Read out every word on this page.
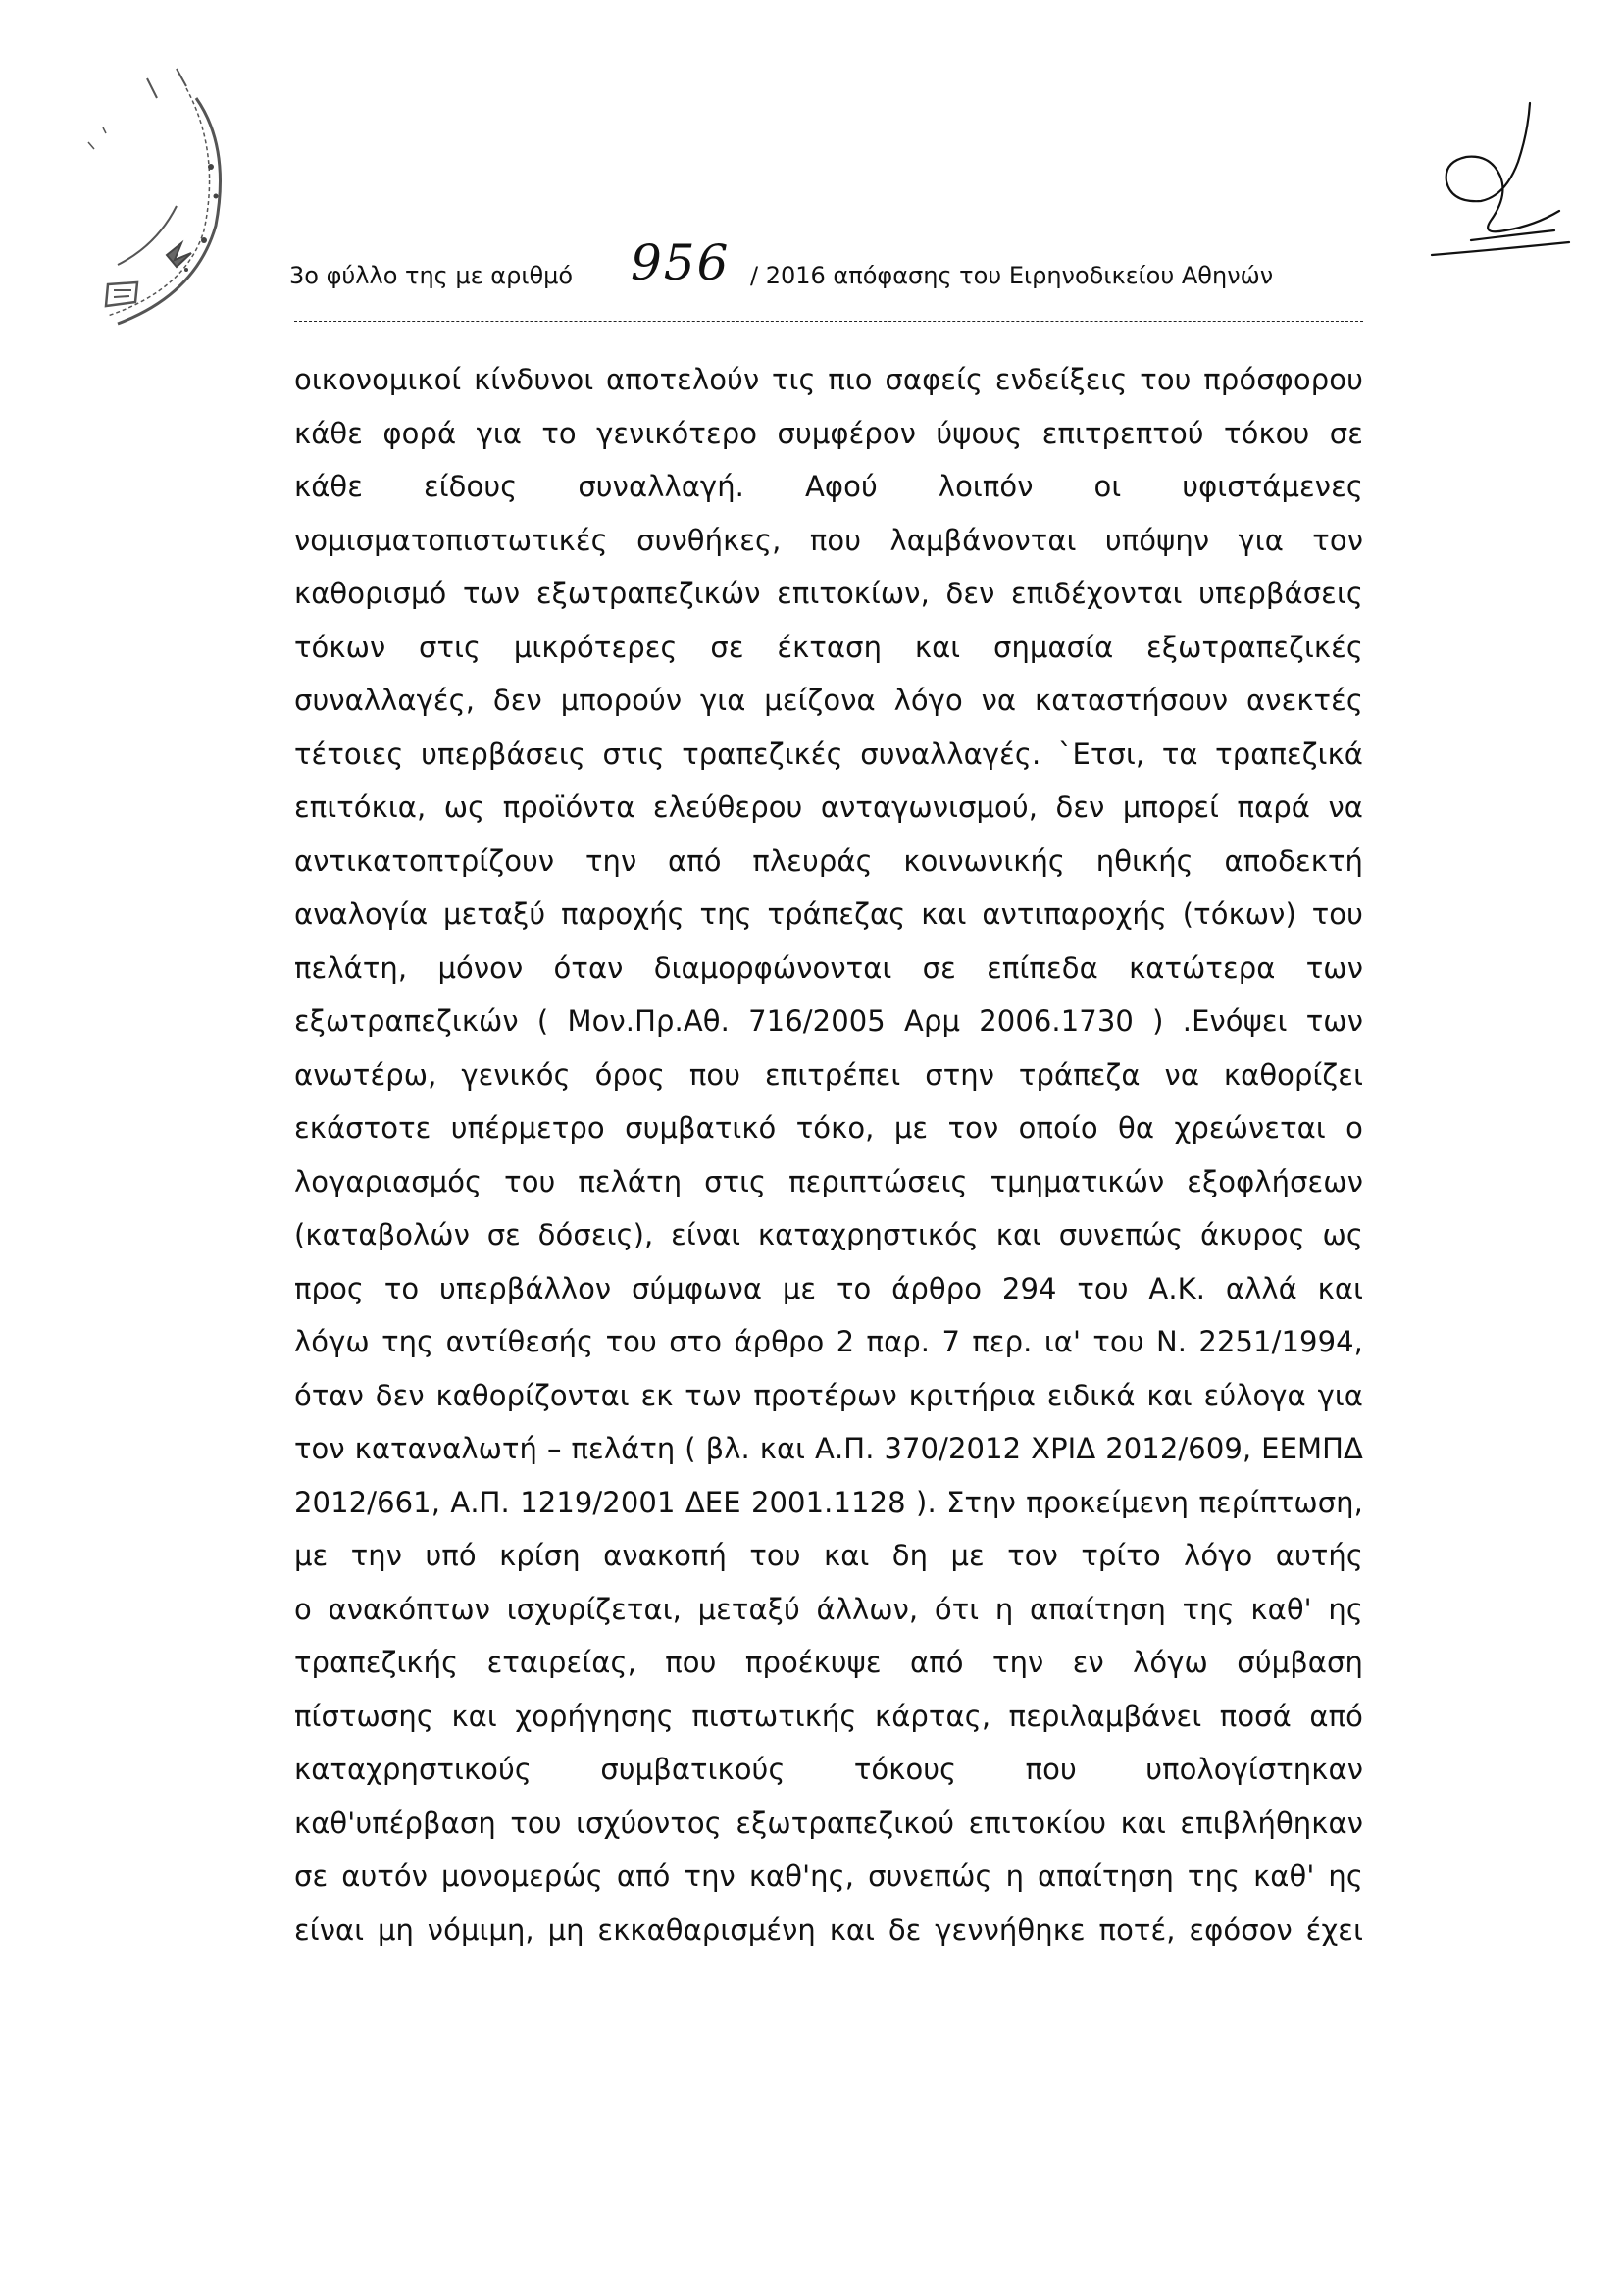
3ο φύλλο της με αριθμό 956 / 2016 απόφασης του Ειρηνοδικείου Αθηνών
οικονομικοί κίνδυνοι αποτελούν τις πιο σαφείς ενδείξεις του πρόσφορου
κάθε φορά για το γενικότερο συμφέρον ύψους επιτρεπτού τόκου σε
κάθε είδους συναλλαγή. Αφού λοιπόν οι υφιστάμενες
νομισματοπιστωτικές συνθήκες, που λαμβάνονται υπόψην για τον
καθορισμό των εξωτραπεζικών επιτοκίων, δεν επιδέχονται υπερβάσεις
τόκων στις μικρότερες σε έκταση και σημασία εξωτραπεζικές
συναλλαγές, δεν μπορούν για μείζονα λόγο να καταστήσουν ανεκτές
τέτοιες υπερβάσεις στις τραπεζικές συναλλαγές. `Ετσι, τα τραπεζικά
επιτόκια, ως προϊόντα ελεύθερου ανταγωνισμού, δεν μπορεί παρά να
αντικατοπτρίζουν την από πλευράς κοινωνικής ηθικής αποδεκτή
αναλογία μεταξύ παροχής της τράπεζας και αντιπαροχής (τόκων) του
πελάτη, μόνον όταν διαμορφώνονται σε επίπεδα κατώτερα των
εξωτραπεζικών ( Μον.Πρ.Αθ. 716/2005 Αρμ 2006.1730 ) .Ενόψει των
ανωτέρω, γενικός όρος που επιτρέπει στην τράπεζα να καθορίζει
εκάστοτε υπέρμετρο συμβατικό τόκο, με τον οποίο θα χρεώνεται ο
λογαριασμός του πελάτη στις περιπτώσεις τμηματικών εξοφλήσεων
(καταβολών σε δόσεις), είναι καταχρηστικός και συνεπώς άκυρος ως
προς το υπερβάλλον σύμφωνα με το άρθρο 294 του Α.Κ. αλλά και
λόγω της αντίθεσής του στο άρθρο 2 παρ. 7 περ. ια' του Ν. 2251/1994,
όταν δεν καθορίζονται εκ των προτέρων κριτήρια ειδικά και εύλογα για
τον καταναλωτή – πελάτη ( βλ. και Α.Π. 370/2012 ΧΡΙΔ 2012/609, ΕΕΜΠΔ
2012/661, Α.Π. 1219/2001 ΔΕΕ 2001.1128 ). Στην προκείμενη περίπτωση,
με την υπό κρίση ανακοπή του και δη με τον τρίτο λόγο αυτής
ο ανακόπτων ισχυρίζεται, μεταξύ άλλων, ότι η απαίτηση της καθ' ης
τραπεζικής εταιρείας, που προέκυψε από την εν λόγω σύμβαση
πίστωσης και χορήγησης πιστωτικής κάρτας, περιλαμβάνει ποσά από
καταχρηστικούς συμβατικούς τόκους που υπολογίστηκαν
καθ'υπέρβαση του ισχύοντος εξωτραπεζικού επιτοκίου και επιβλήθηκαν
σε αυτόν μονομερώς από την καθ'ης, συνεπώς η απαίτηση της καθ' ης
είναι μη νόμιμη, μη εκκαθαρισμένη και δε γεννήθηκε ποτέ, εφόσον έχει
